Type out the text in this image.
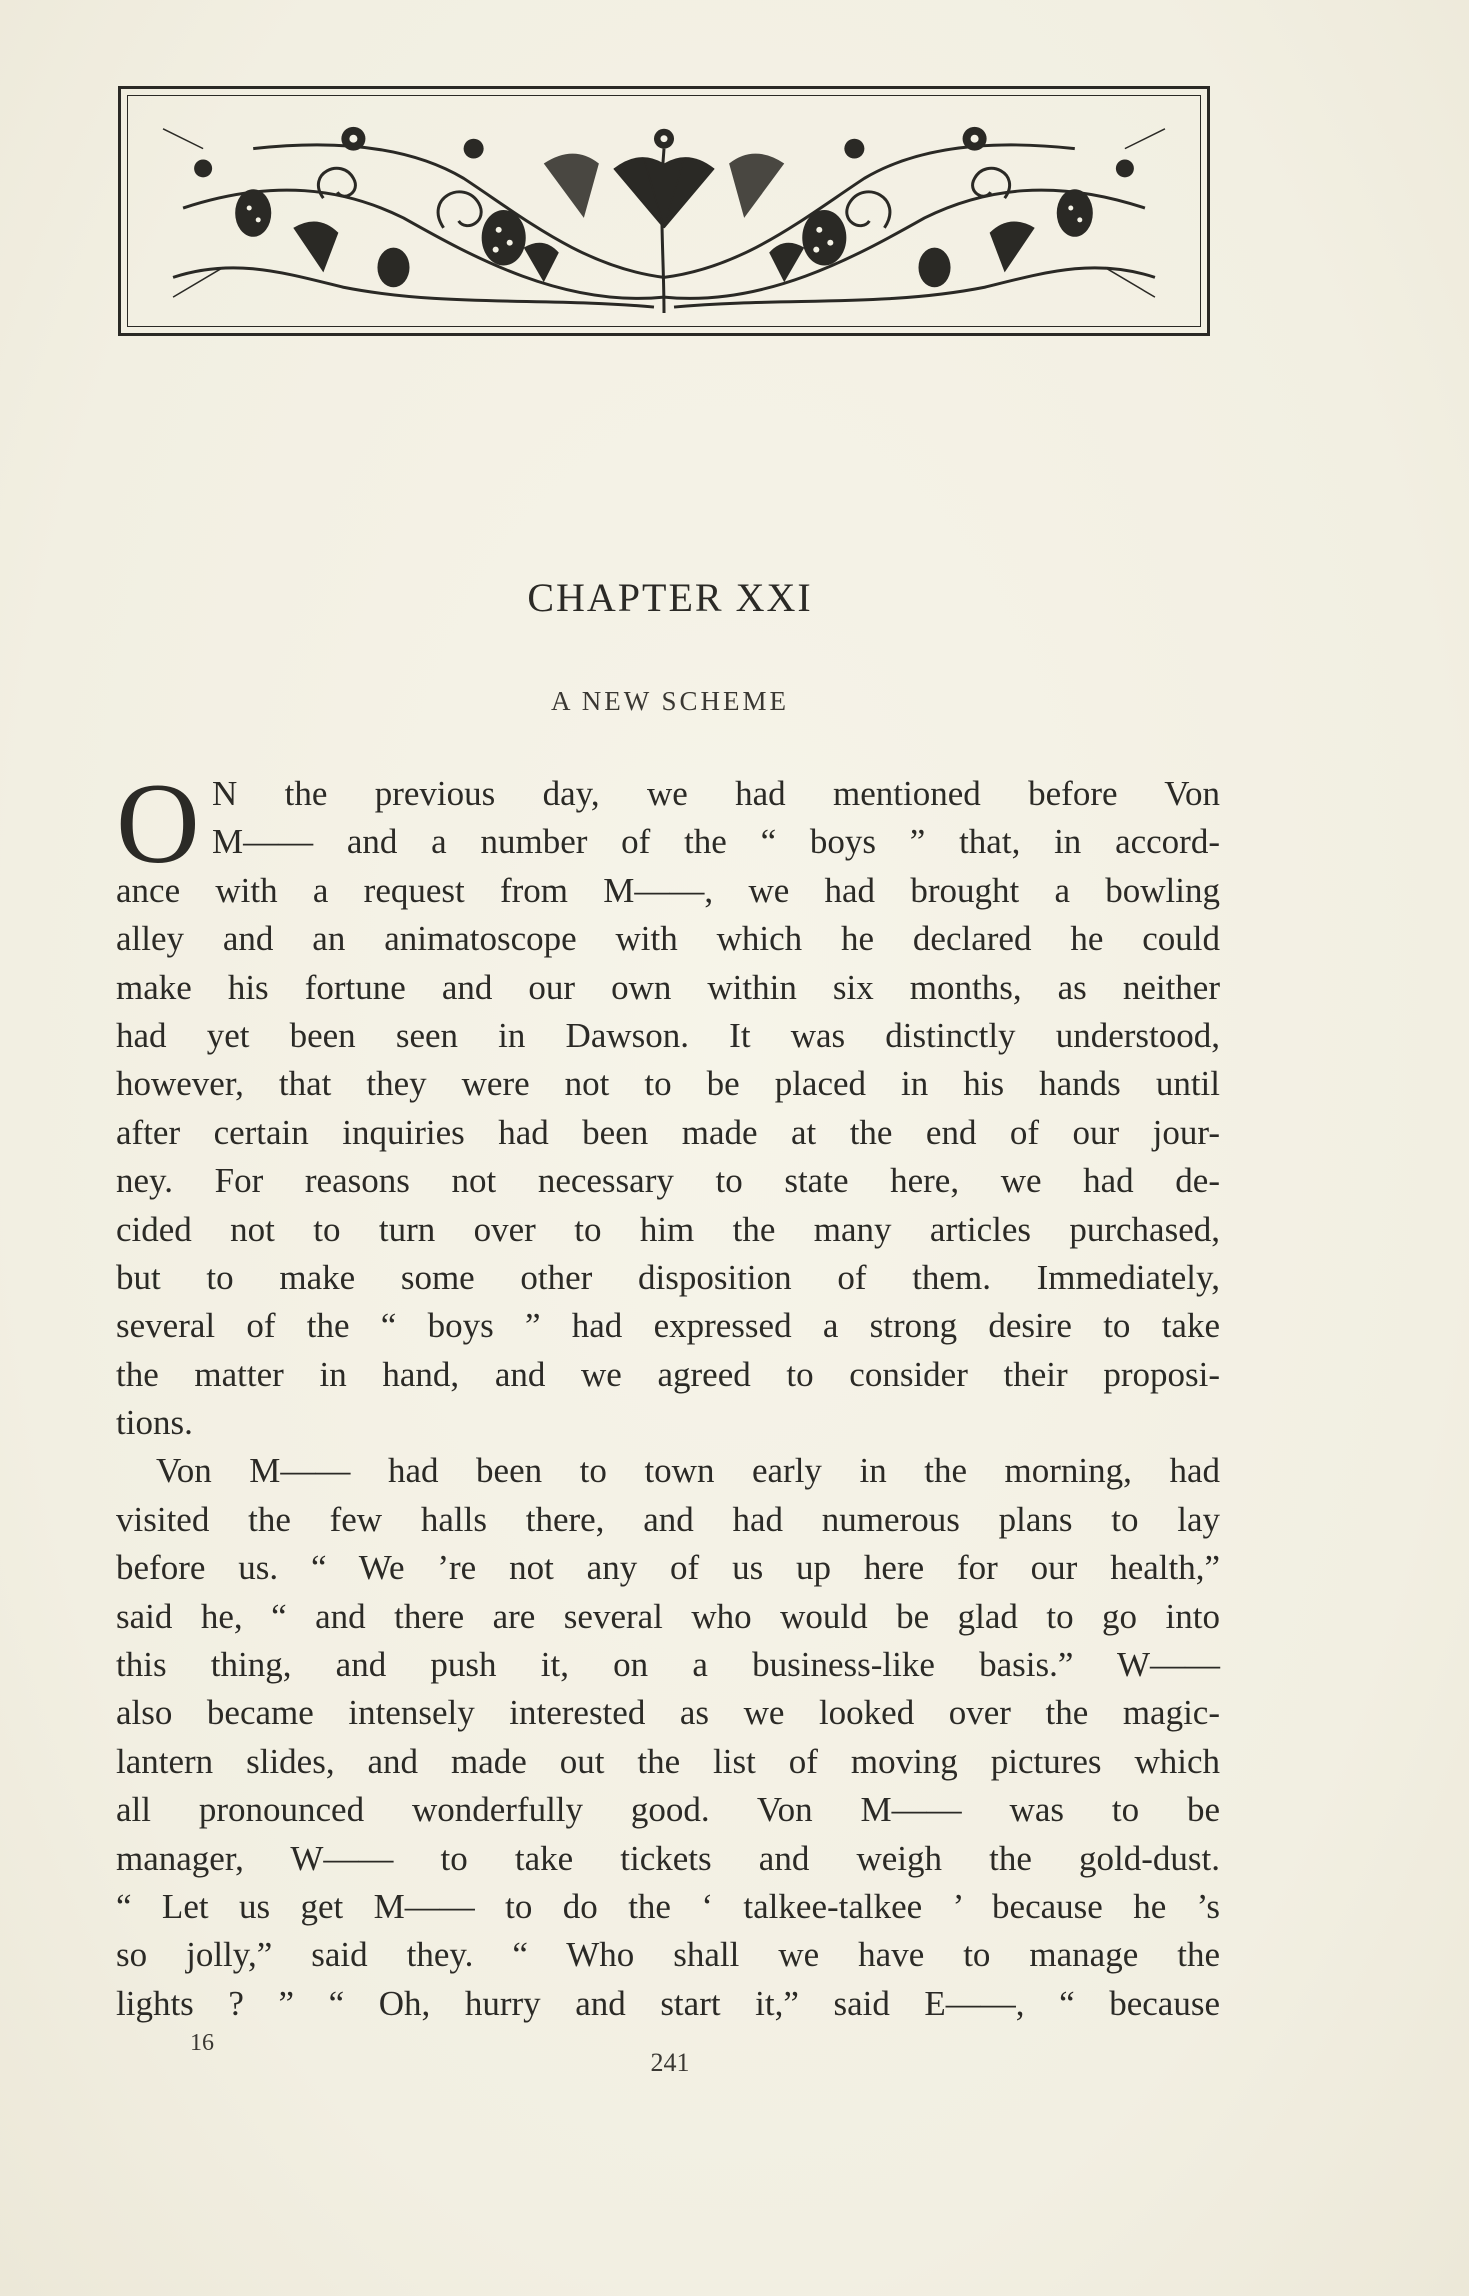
CHAPTER XXI
A NEW SCHEME
O N the previous day, we had mentioned before Von
M—— and a number of the “ boys ” that, in accord-
ance with a request from M——, we had brought a bowling
alley and an animatoscope with which he declared he could
make his fortune and our own within six months, as neither
had yet been seen in Dawson. It was distinctly understood,
however, that they were not to be placed in his hands until
after certain inquiries had been made at the end of our jour-
ney. For reasons not necessary to state here, we had de-
cided not to turn over to him the many articles purchased,
but to make some other disposition of them. Immediately,
several of the “ boys ” had expressed a strong desire to take
the matter in hand, and we agreed to consider their proposi-
tions.
Von M—— had been to town early in the morning, had
visited the few halls there, and had numerous plans to lay
before us. “ We ’re not any of us up here for our health,”
said he, “ and there are several who would be glad to go into
this thing, and push it, on a business-like basis.” W——
also became intensely interested as we looked over the magic-
lantern slides, and made out the list of moving pictures which
all pronounced wonderfully good. Von M—— was to be
manager, W—— to take tickets and weigh the gold-dust.
“ Let us get M—— to do the ‘ talkee-talkee ’ because he ’s
so jolly,” said they. “ Who shall we have to manage the
lights ? ” “ Oh, hurry and start it,” said E——, “ because
16
241
